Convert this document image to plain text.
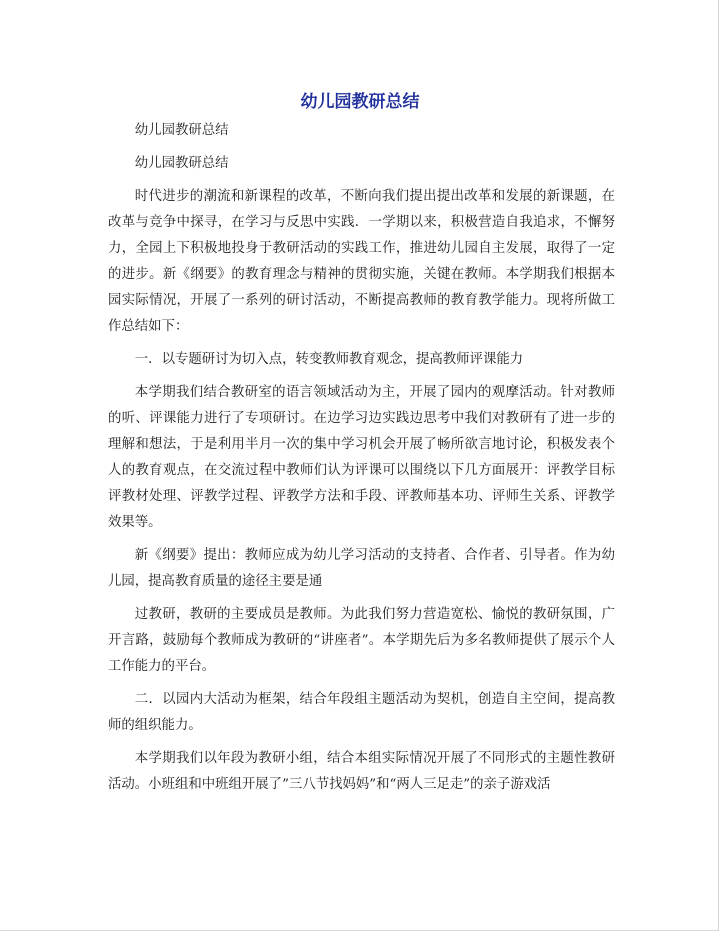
幼儿园教研总结

幼儿园教研总结

幼儿园教研总结

时代进步的潮流和新课程的改革，不断向我们提出提出改革和发展的新课题，在改革与竞争中探寻，在学习与反思中实践．一学期以来，积极营造自我追求，不懈努力，全园上下积极地投身于教研活动的实践工作，推进幼儿园自主发展，取得了一定的进步。新《纲要》的教育理念与精神的贯彻实施，关键在教师。本学期我们根据本园实际情况，开展了一系列的研讨活动，不断提高教师的教育教学能力。现将所做工作总结如下：

一．以专题研讨为切入点，转变教师教育观念，提高教师评课能力

本学期我们结合教研室的语言领域活动为主，开展了园内的观摩活动。针对教师的听、评课能力进行了专项研讨。在边学习边实践边思考中我们对教研有了进一步的理解和想法，于是利用半月一次的集中学习机会开展了畅所欲言地讨论，积极发表个人的教育观点，在交流过程中教师们认为评课可以围绕以下几方面展开：评教学目标评教材处理、评教学过程、评教学方法和手段、评教师基本功、评师生关系、评教学效果等。

新《纲要》提出：教师应成为幼儿学习活动的支持者、合作者、引导者。作为幼儿园，提高教育质量的途径主要是通

过教研，教研的主要成员是教师。为此我们努力营造宽松、愉悦的教研氛围，广开言路，鼓励每个教师成为教研的“讲座者”。本学期先后为多名教师提供了展示个人工作能力的平台。

二．以园内大活动为框架，结合年段组主题活动为契机，创造自主空间，提高教师的组织能力。

本学期我们以年段为教研小组，结合本组实际情况开展了不同形式的主题性教研活动。小班组和中班组开展了”三八节找妈妈”和“两人三足走”的亲子游戏活
